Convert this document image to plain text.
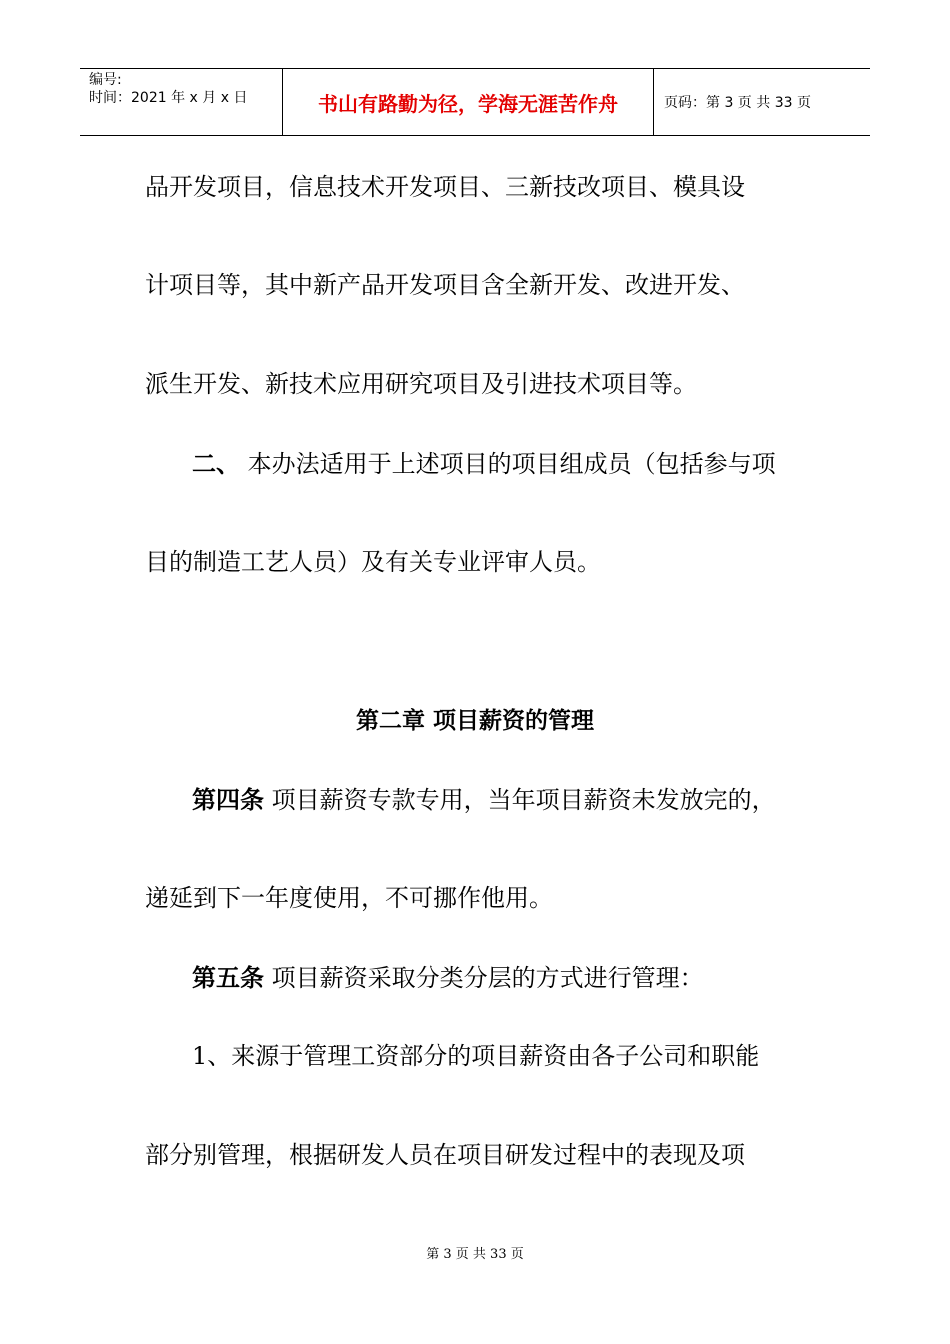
编号:
时间：2021 年 x 月 x 日	书山有路勤为径，学海无涯苦作舟	页码：第 3 页 共 33 页
品开发项目，信息技术开发项目、三新技改项目、模具设
计项目等，其中新产品开发项目含全新开发、改进开发、
派生开发、新技术应用研究项目及引进技术项目等。
二、 本办法适用于上述项目的项目组成员（包括参与项
目的制造工艺人员）及有关专业评审人员。
第二章 项目薪资的管理
第四条 项目薪资专款专用，当年项目薪资未发放完的，
递延到下一年度使用，不可挪作他用。
第五条 项目薪资采取分类分层的方式进行管理：
1、来源于管理工资部分的项目薪资由各子公司和职能
部分别管理，根据研发人员在项目研发过程中的表现及项
第 3 页 共 33 页
